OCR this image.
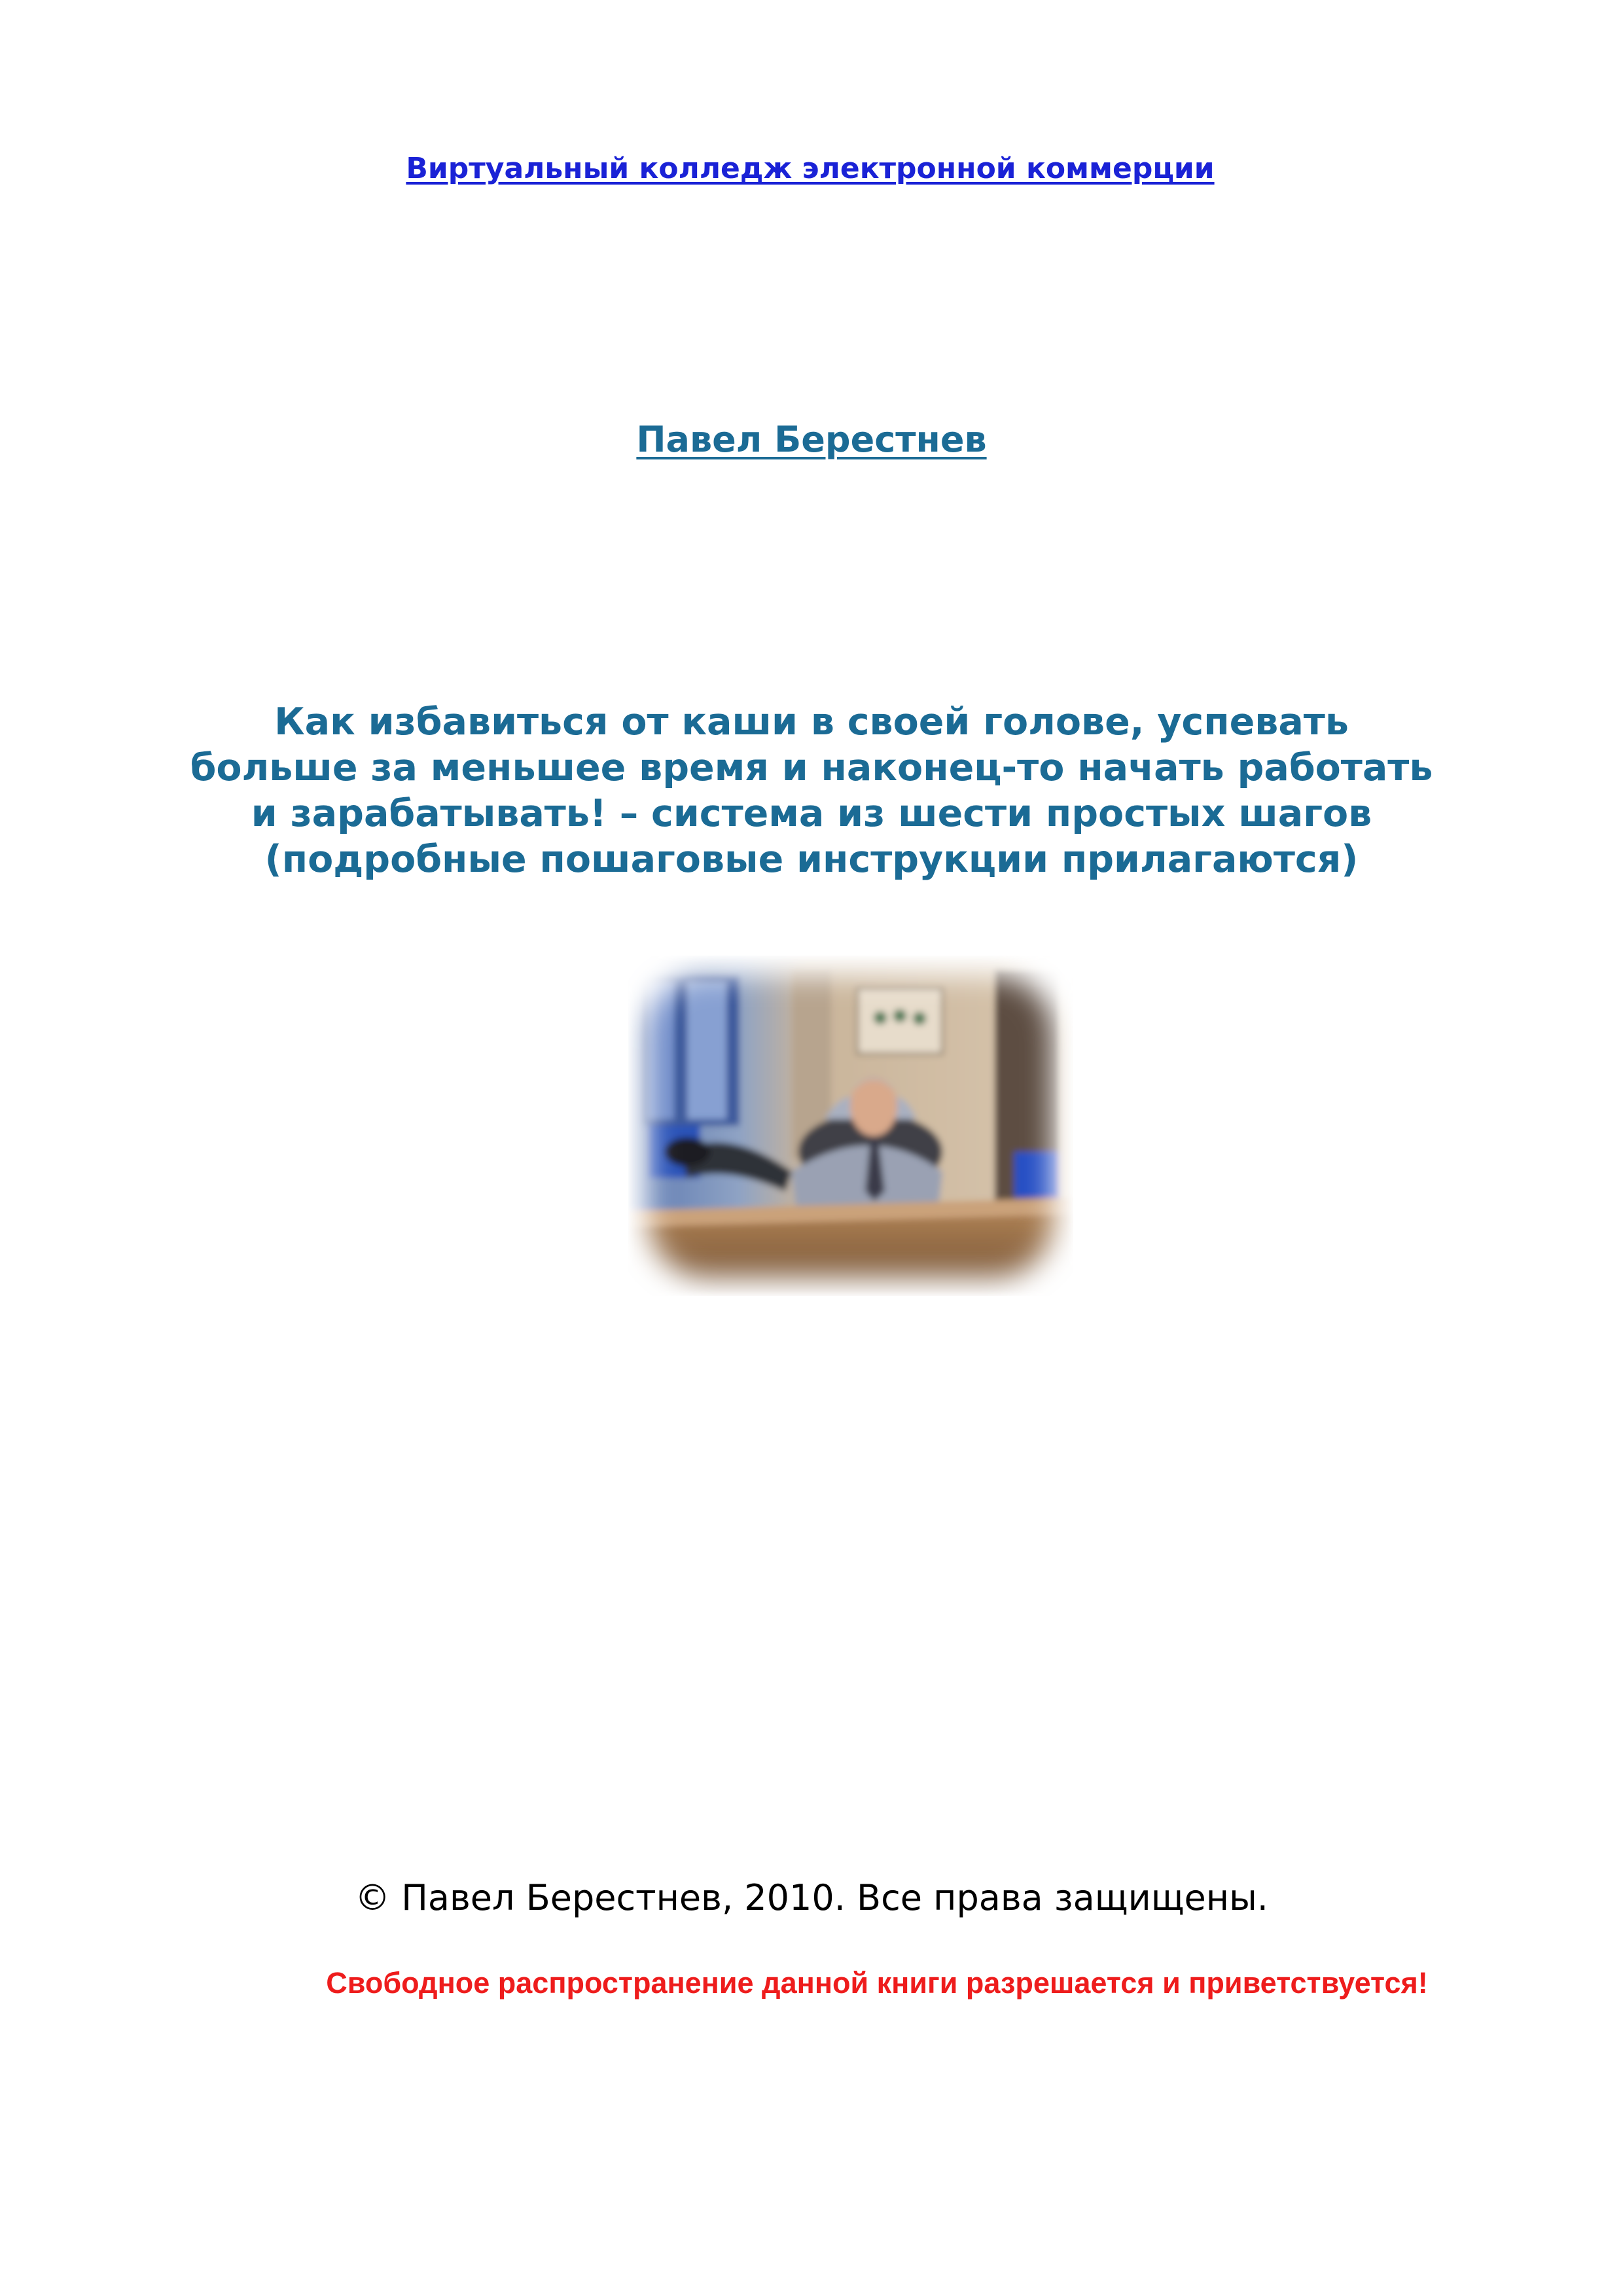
Виртуальный колледж электронной коммерции
Павел Берестнев
Как избавиться от каши в своей голове, успевать
больше за меньшее время и наконец-то начать работать
и зарабатывать! – система из шести простых шагов
(подробные пошаговые инструкции прилагаются)
© Павел Берестнев, 2010. Все права защищены.
Свободное распространение данной книги разрешается и приветствуется!
